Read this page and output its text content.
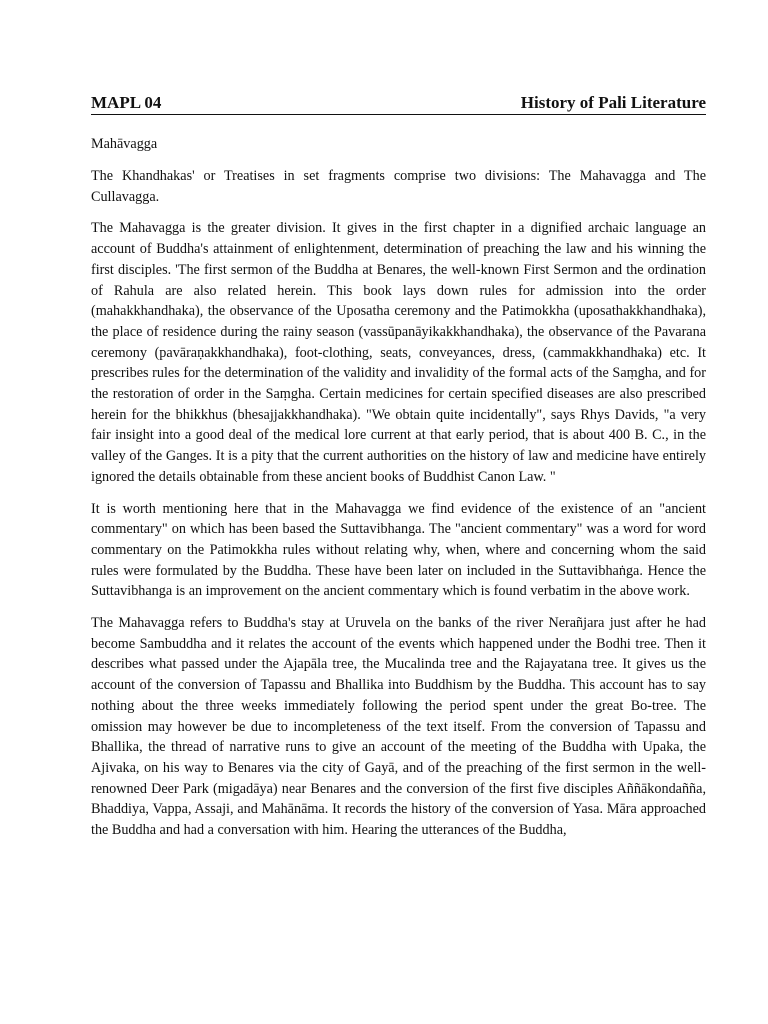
MAPL 04	History of Pali Literature
Mahāvagga

The Khandhakas' or Treatises in set fragments comprise two divisions: The Mahavagga and The Cullavagga.

The Mahavagga is the greater division. It gives in the first chapter in a dignified archaic language an account of Buddha's attainment of enlightenment, determination of preaching the law and his winning the first disciples. 'The first sermon of the Buddha at Benares, the well-known First Sermon and the ordination of Rahula are also related herein. This book lays down rules for admission into the order (mahakkhandhaka), the observance of the Uposatha ceremony and the Patimokkha (uposathakkhandhaka), the place of residence during the rainy season (vassūpanāyikakkhandhaka), the observance of the Pavarana ceremony (pavāraṇakkhandhaka), foot-clothing, seats, conveyances, dress, (cammakkhandhaka) etc. It prescribes rules for the determination of the validity and invalidity of the formal acts of the Saṃgha, and for the restoration of order in the Saṃgha. Certain medicines for certain specified diseases are also prescribed herein for the bhikkhus (bhesajjakkhandhaka). "We obtain quite incidentally", says Rhys Davids, "a very fair insight into a good deal of the medical lore current at that early period, that is about 400 B. C., in the valley of the Ganges. It is a pity that the current authorities on the history of law and medicine have entirely ignored the details obtainable from these ancient books of Buddhist Canon Law. "

It is worth mentioning here that in the Mahavagga we find evidence of the existence of an "ancient commentary" on which has been based the Suttavibhanga. The "ancient commentary" was a word for word commentary on the Patimokkha rules without relating why, when, where and concerning whom the said rules were formulated by the Buddha. These have been later on included in the Suttavibhaṅga. Hence the Suttavibhanga is an improvement on the ancient commentary which is found verbatim in the above work.

The Mahavagga refers to Buddha's stay at Uruvela on the banks of the river Nerañjara just after he had become Sambuddha and it relates the account of the events which happened under the Bodhi tree. Then it describes what passed under the Ajapāla tree, the Mucalinda tree and the Rajayatana tree. It gives us the account of the conversion of Tapassu and Bhallika into Buddhism by the Buddha. This account has to say nothing about the three weeks immediately following the period spent under the great Bo-tree. The omission may however be due to incompleteness of the text itself. From the conversion of Tapassu and Bhallika, the thread of narrative runs to give an account of the meeting of the Buddha with Upaka, the Ajivaka, on his way to Benares via the city of Gayā, and of the preaching of the first sermon in the well-renowned Deer Park (migadāya) near Benares and the conversion of the first five disciples Aññākondañña, Bhaddiya, Vappa, Assaji, and Mahānāma. It records the history of the conversion of Yasa. Māra approached the Buddha and had a conversation with him. Hearing the utterances of the Buddha,
